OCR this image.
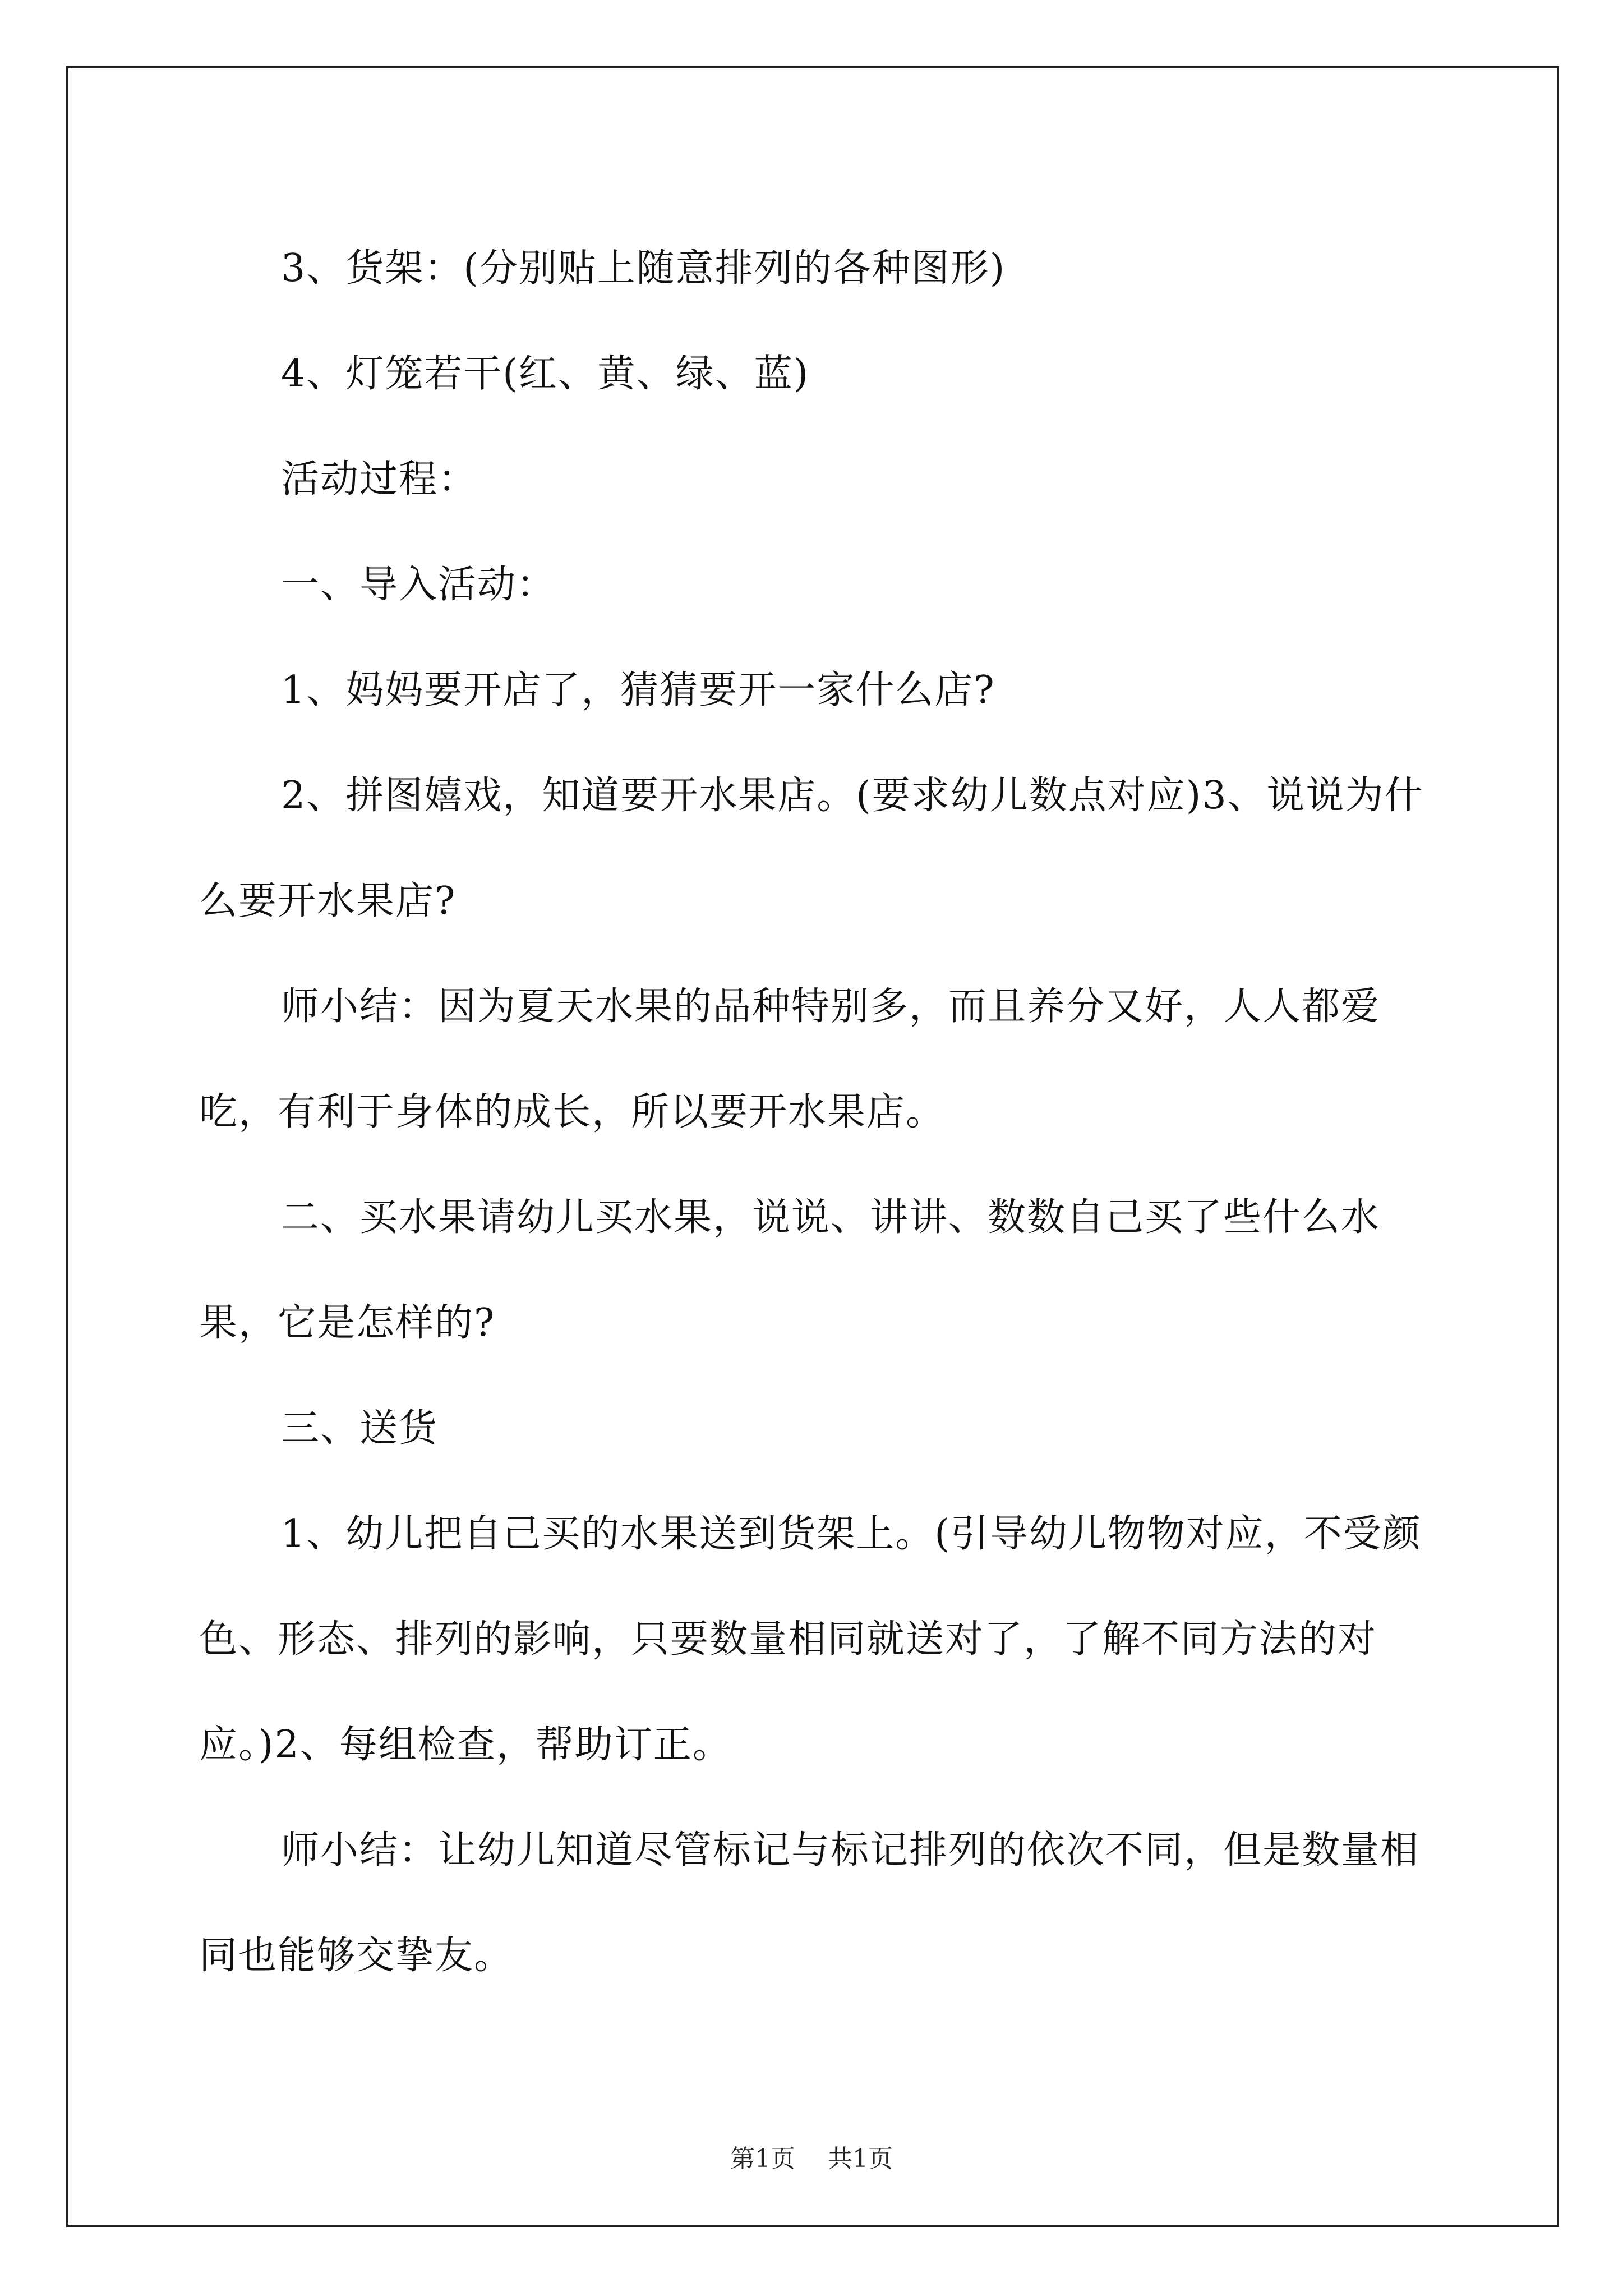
3、货架：(分别贴上随意排列的各种图形)

4、灯笼若干(红、黄、绿、蓝)

活动过程：

一、导入活动：

1、妈妈要开店了，猜猜要开一家什么店?

2、拼图嬉戏，知道要开水果店。(要求幼儿数点对应)3、说说为什么要开水果店?

师小结：因为夏天水果的品种特别多，而且养分又好，人人都爱吃，有利于身体的成长，所以要开水果店。

二、买水果请幼儿买水果，说说、讲讲、数数自己买了些什么水果，它是怎样的?

三、送货

1、幼儿把自己买的水果送到货架上。(引导幼儿物物对应，不受颜色、形态、排列的影响，只要数量相同就送对了，了解不同方法的对应。)2、每组检查，帮助订正。

师小结：让幼儿知道尽管标记与标记排列的依次不同，但是数量相同也能够交挚友。

第1页 共1页
